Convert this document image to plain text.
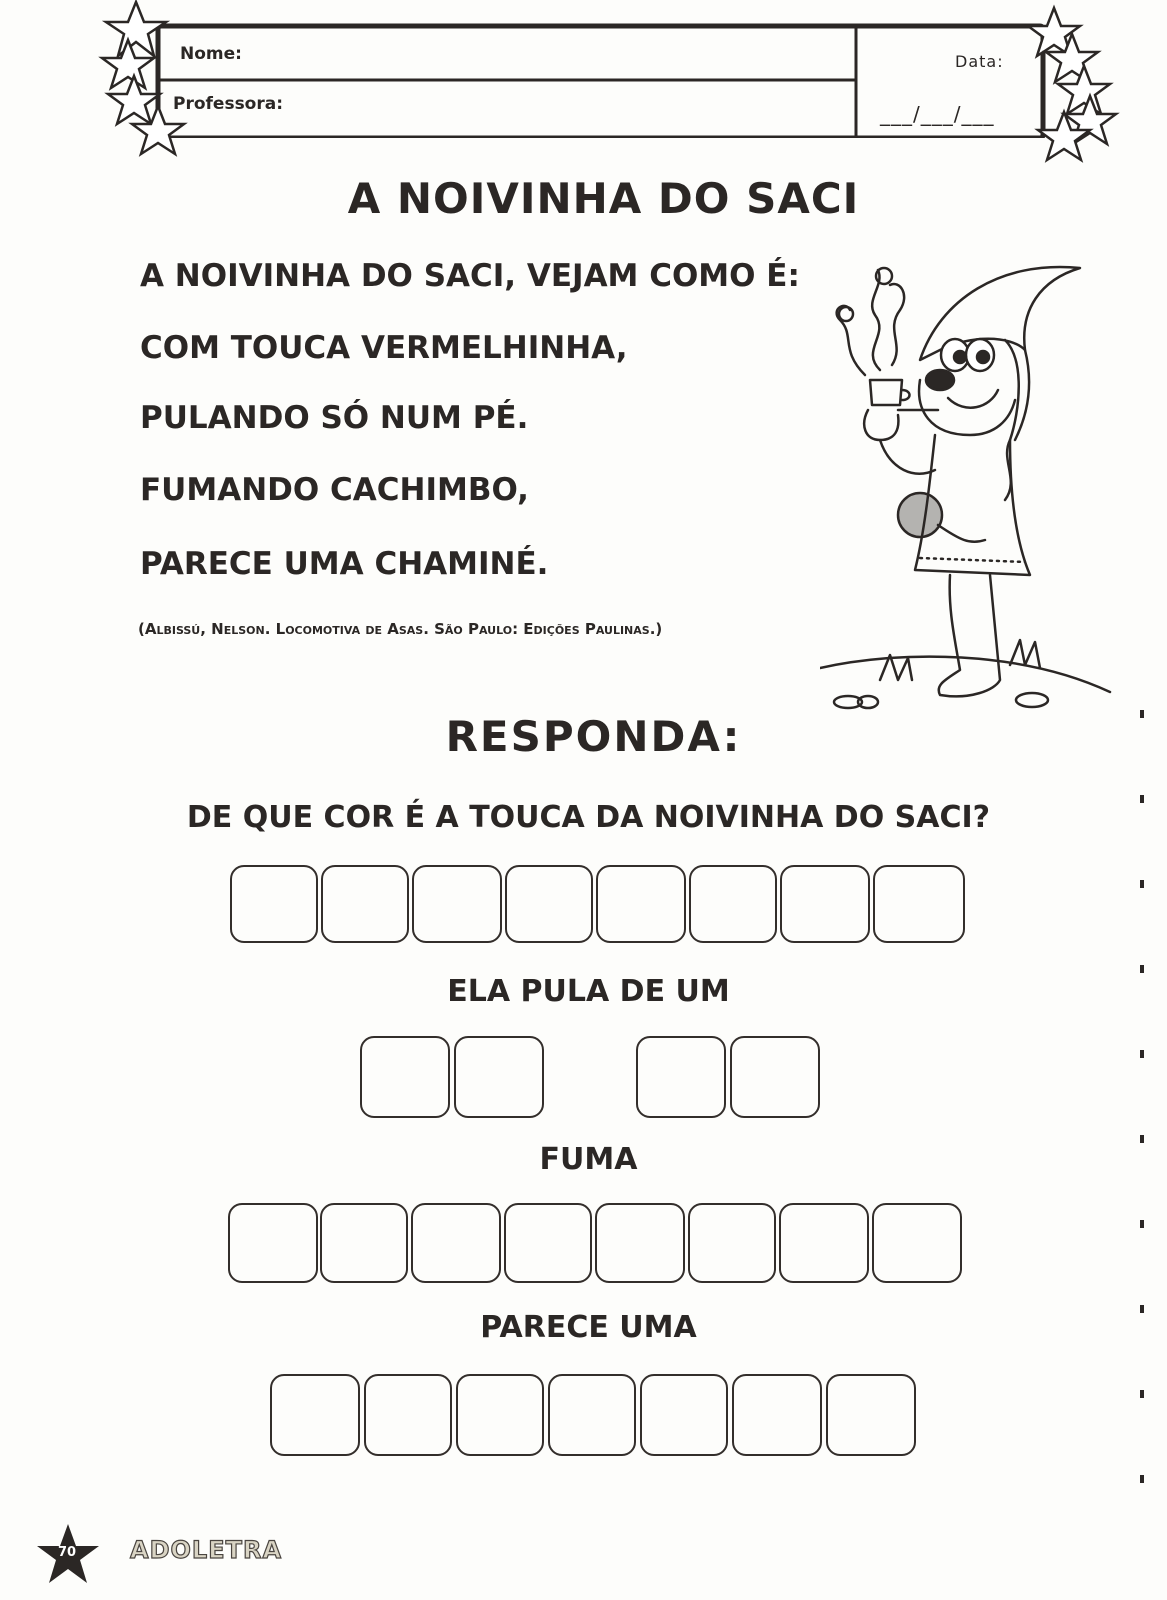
Nome:
Professora:
Data:
___/___/___
A NOIVINHA DO SACI
A NOIVINHA DO SACI, VEJAM COMO É:
COM TOUCA VERMELHINHA,
PULANDO SÓ NUM PÉ.
FUMANDO CACHIMBO,
PARECE UMA CHAMINÉ.
(Albissú, Nelson. Locomotiva de Asas. São Paulo: Edições Paulinas.)
RESPONDA:
DE QUE COR É A TOUCA DA NOIVINHA DO SACI?
ELA PULA DE UM
FUMA
PARECE UMA
70	ADOLETRA
